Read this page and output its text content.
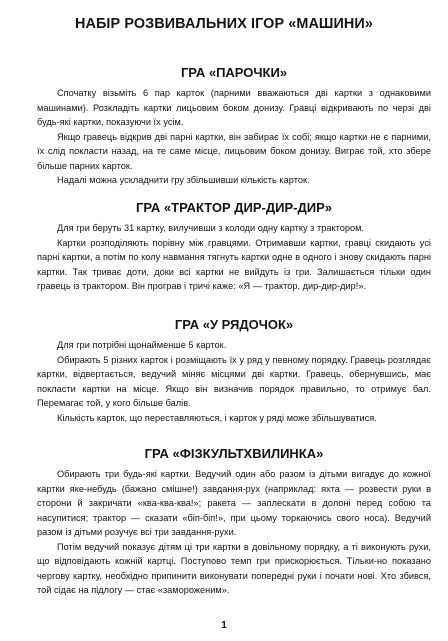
НАБІР РОЗВИВАЛЬНИХ ІГОР «МАШИНИ»
ГРА «ПАРОЧКИ»

Спочатку візьміть 6 пар карток (парними вважаються дві картки з однаковими машинами). Розкладіть картки лицьовим боком донизу. Гравці відкривають по черзі дві будь-які картки, показуючи їх усім.

Якщо гравець відкрив дві парні картки, він забирає їх собі; якщо картки не є парними, їх слід покласти назад, на те саме місце, лицьовим боком донизу. Виграє той, хто збере більше парних карток.

Надалі можна ускладнити гру збільшивши кількість карток.

ГРА «ТРАКТОР ДИР-ДИР-ДИР»

Для гри беруть 31 картку, вилучивши з колоди одну картку з трактором.

Картки розподіляють порівну між гравцями. Отримавши картки, гравці скидають усі парні картки, а потім по колу навмання тягнуть картки одне в одного і знову скидають парні картки. Так триває доти, доки всі картки не вийдуть із гри. Залишається тільки один гравець із трактором. Він програв і тричі каже: «Я — трактор, дир-дир-дир!».

ГРА «У РЯДОЧОК»

Для гри потрібні щонайменше 5 карток.

Обирають 5 різних карток і розміщають їх у ряд у певному порядку. Гравець розглядає картки, відвертається, ведучий міняє місцями дві картки. Гравець, обернувшись, має покласти картки на місце. Якщо він визначив порядок правильно, то отримує бал. Перемагає той, у кого більше балів.

Кількість карток, що переставляються, і карток у ряді може збільшуватися.

ГРА «ФІЗКУЛЬТХВИЛИНКА»

Обирають три будь-які картки. Ведучий один або разом із дітьми вигадує до кожної картки яке-небудь (бажано смішне!) завдання-рух (наприклад: яхта — розвести руки в сторони й закричати «ква-ква-ква!»; ракета — заплескати в долоні перед собою та насупитися; трактор — сказати «біп-біп!», при цьому торкаючись свого носа). Ведучий разом із дітьми розучує всі три завдання-рухи.

Потім ведучий показує дітям ці три картки в довільному порядку, а ті виконують рухи, що відповідають кожній картці. Поступово темп гри прискорюється. Тільки-но показано чергову картку, необхідно припинити виконувати попередні руки і почати нові. Хто збився, той сідає на підлогу — стає «замороженим».

1
